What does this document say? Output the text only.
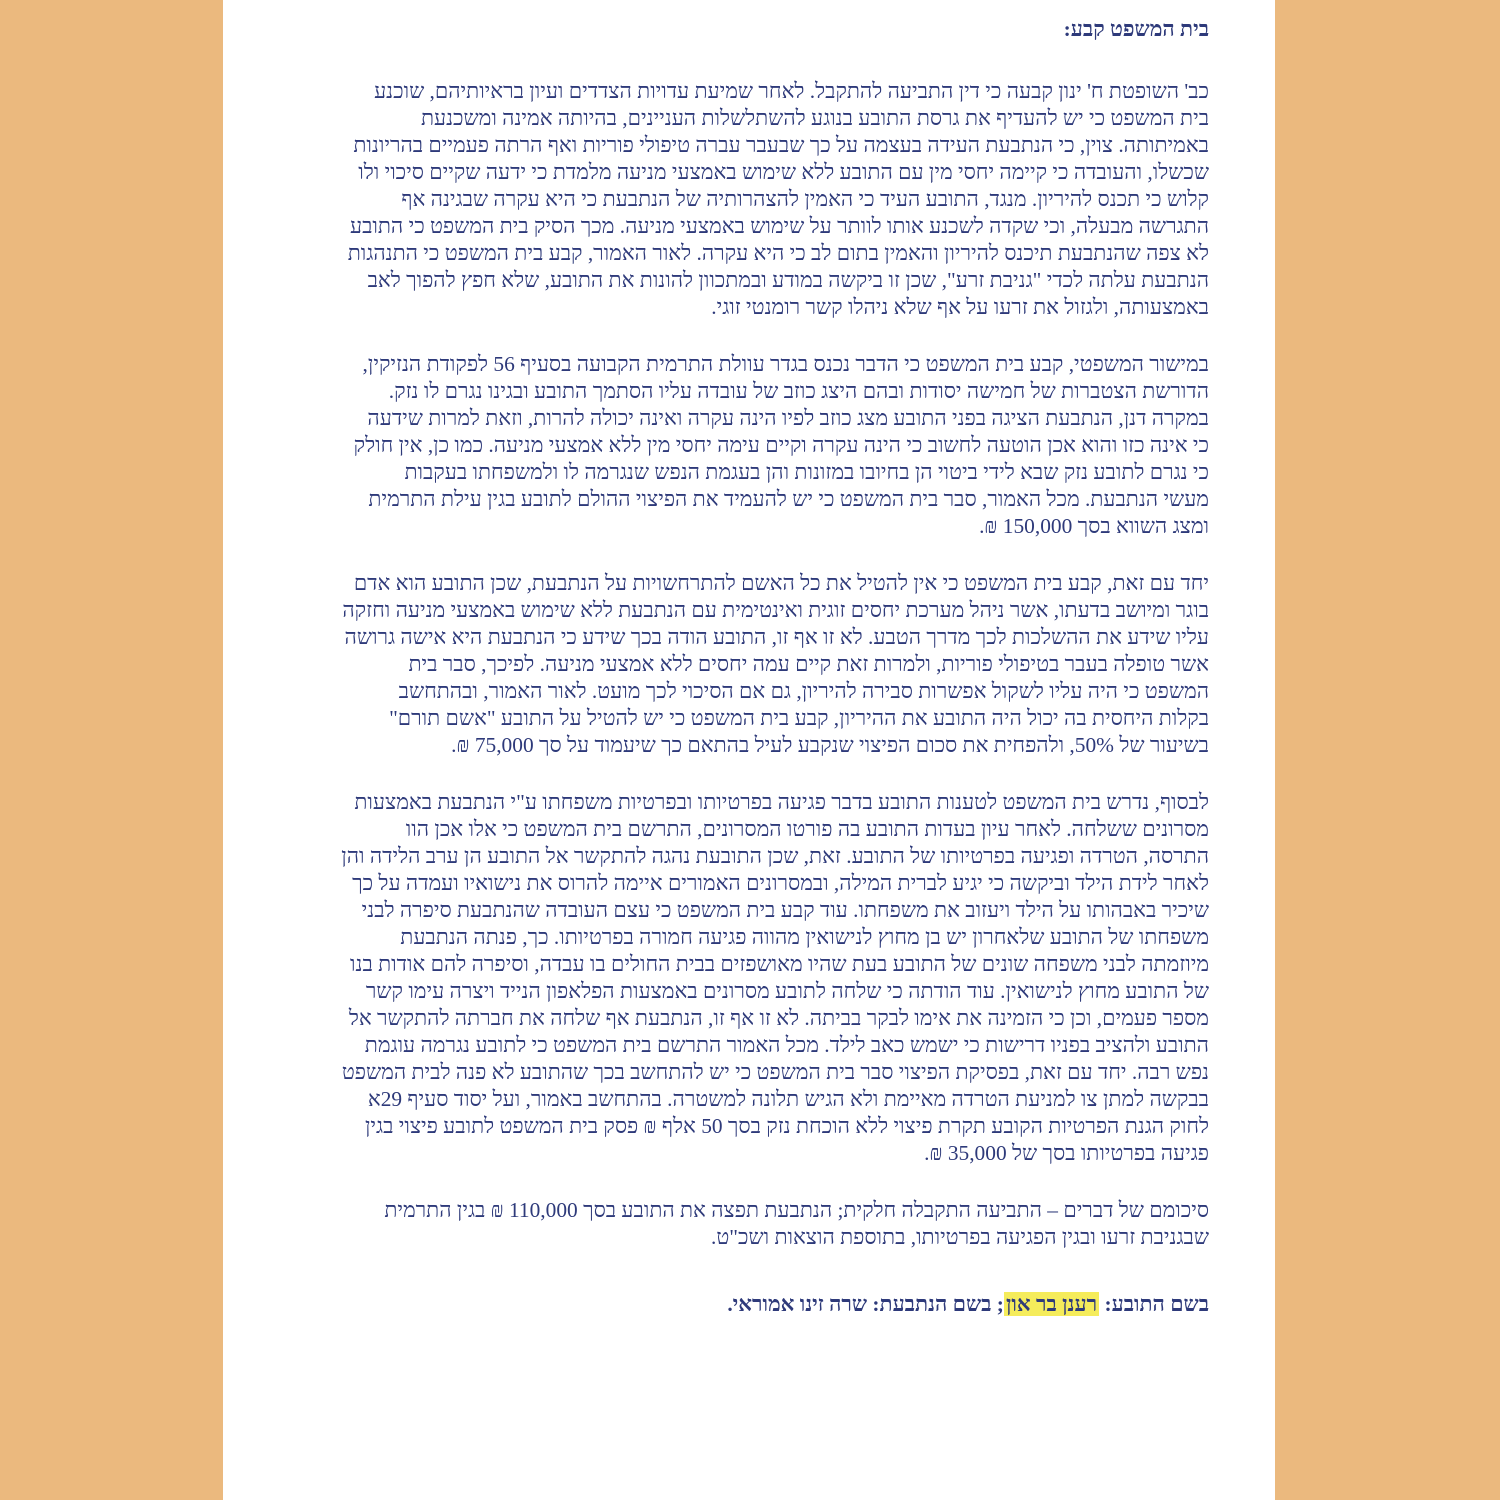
בית המשפט קבע:
כב' השופטת ח' ינון קבעה כי דין התביעה להתקבל. לאחר שמיעת עדויות הצדדים ועיון בראיותיהם, שוכנע
בית המשפט כי יש להעדיף את גרסת התובע בנוגע להשתלשלות העניינים, בהיותה אמינה ומשכנעת
באמיתותה. צוין, כי הנתבעת העידה בעצמה על כך שבעבר עברה טיפולי פוריות ואף הרתה פעמיים בהריונות
שכשלו, והעובדה כי קיימה יחסי מין עם התובע ללא שימוש באמצעי מניעה מלמדת כי ידעה שקיים סיכוי ולו
קלוש כי תכנס להיריון. מנגד, התובע העיד כי האמין להצהרותיה של הנתבעת כי היא עקרה שבגינה אף
התגרשה מבעלה, וכי שקדה לשכנע אותו לוותר על שימוש באמצעי מניעה. מכך הסיק בית המשפט כי התובע
לא צפה שהנתבעת תיכנס להיריון והאמין בתום לב כי היא עקרה. לאור האמור, קבע בית המשפט כי התנהגות
הנתבעת עלתה לכדי "גניבת זרע", שכן זו ביקשה במודע ובמתכוון להונות את התובע, שלא חפץ להפוך לאב
באמצעותה, ולגזול את זרעו על אף שלא ניהלו קשר רומנטי זוגי.
במישור המשפטי, קבע בית המשפט כי הדבר נכנס בגדר עוולת התרמית הקבועה בסעיף 56 לפקודת הנזיקין,
הדורשת הצטברות של חמישה יסודות ובהם היצג כוזב של עובדה עליו הסתמך התובע ובגינו נגרם לו נזק.
במקרה דנן, הנתבעת הציגה בפני התובע מצג כוזב לפיו הינה עקרה ואינה יכולה להרות, וזאת למרות שידעה
כי אינה כזו והוא אכן הוטעה לחשוב כי הינה עקרה וקיים עימה יחסי מין ללא אמצעי מניעה. כמו כן, אין חולק
כי נגרם לתובע נזק שבא לידי ביטוי הן בחיובו במזונות והן בעגמת הנפש שנגרמה לו ולמשפחתו בעקבות
מעשי הנתבעת. מכל האמור, סבר בית המשפט כי יש להעמיד את הפיצוי ההולם לתובע בגין עילת התרמית
ומצג השווא בסך 150,000 ₪.
יחד עם זאת, קבע בית המשפט כי אין להטיל את כל האשם להתרחשויות על הנתבעת, שכן התובע הוא אדם
בוגר ומיושב בדעתו, אשר ניהל מערכת יחסים זוגית ואינטימית עם הנתבעת ללא שימוש באמצעי מניעה וחזקה
עליו שידע את ההשלכות לכך מדרך הטבע. לא זו אף זו, התובע הודה בכך שידע כי הנתבעת היא אישה גרושה
אשר טופלה בעבר בטיפולי פוריות, ולמרות זאת קיים עמה יחסים ללא אמצעי מניעה. לפיכך, סבר בית
המשפט כי היה עליו לשקול אפשרות סבירה להיריון, גם אם הסיכוי לכך מועט. לאור האמור, ובהתחשב
בקלות היחסית בה יכול היה התובע את ההיריון, קבע בית המשפט כי יש להטיל על התובע "אשם תורם"
בשיעור של 50%, ולהפחית את סכום הפיצוי שנקבע לעיל בהתאם כך שיעמוד על סך 75,000 ₪.
לבסוף, נדרש בית המשפט לטענות התובע בדבר פגיעה בפרטיותו ובפרטיות משפחתו ע"י הנתבעת באמצעות
מסרונים ששלחה. לאחר עיון בעדות התובע בה פורטו המסרונים, התרשם בית המשפט כי אלו אכן הוו
התרסה, הטרדה ופגיעה בפרטיותו של התובע. זאת, שכן התובעת נהגה להתקשר אל התובע הן ערב הלידה והן
לאחר לידת הילד וביקשה כי יגיע לברית המילה, ובמסרונים האמורים איימה להרוס את נישואיו ועמדה על כך
שיכיר באבהותו על הילד ויעזוב את משפחתו. עוד קבע בית המשפט כי עצם העובדה שהנתבעת סיפרה לבני
משפחתו של התובע שלאחרון יש בן מחוץ לנישואין מהווה פגיעה חמורה בפרטיותו. כך, פנתה הנתבעת
מיוזמתה לבני משפחה שונים של התובע בעת שהיו מאושפזים בבית החולים בו עבדה, וסיפרה להם אודות בנו
של התובע מחוץ לנישואין. עוד הודתה כי שלחה לתובע מסרונים באמצעות הפלאפון הנייד ויצרה עימו קשר
מספר פעמים, וכן כי הזמינה את אימו לבקר בביתה. לא זו אף זו, הנתבעת אף שלחה את חברתה להתקשר אל
התובע ולהציב בפניו דרישות כי ישמש כאב לילד. מכל האמור התרשם בית המשפט כי לתובע נגרמה עוגמת
נפש רבה. יחד עם זאת, בפסיקת הפיצוי סבר בית המשפט כי יש להתחשב בכך שהתובע לא פנה לבית המשפט
בבקשה למתן צו למניעת הטרדה מאיימת ולא הגיש תלונה למשטרה. בהתחשב באמור, ועל יסוד סעיף 29א
לחוק הגנת הפרטיות הקובע תקרת פיצוי ללא הוכחת נזק בסך 50 אלף ₪ פסק בית המשפט לתובע פיצוי בגין
פגיעה בפרטיותו בסך של 35,000 ₪.
סיכומם של דברים – התביעה התקבלה חלקית; הנתבעת תפצה את התובע בסך 110,000 ₪ בגין התרמית
שבגניבת זרעו ובגין הפגיעה בפרטיותו, בתוספת הוצאות ושכ"ט.
בשם התובע: רענן בר און; בשם הנתבעת: שרה זינו אמוראי.
